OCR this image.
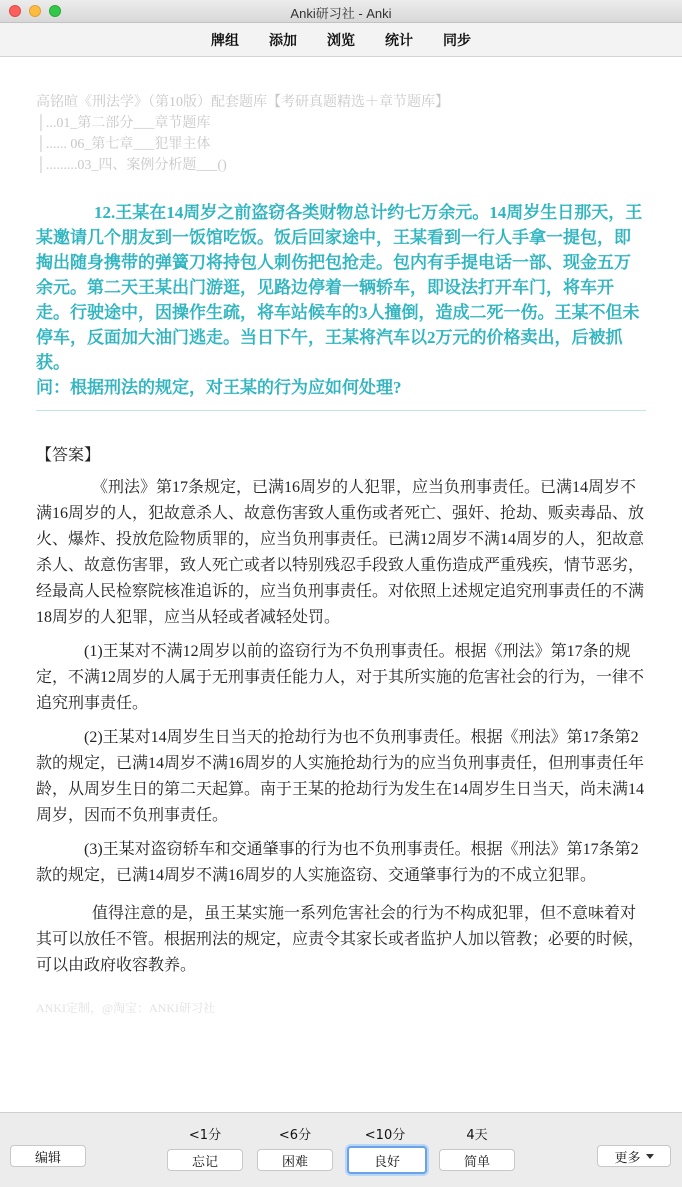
Anki研习社 - Anki
牌组 添加 浏览 统计 同步
高铭暄《刑法学》（第10版）配套题库【考研真题精选＋章节题库】
│...01_第二部分___章节题库
│...... 06_第七章___犯罪主体
│.........03_四、案例分析题___()
12.王某在14周岁之前盗窃各类财物总计约七万余元。14周岁生日那天，王某邀请几个朋友到一饭馆吃饭。饭后回家途中，王某看到一行人手拿一提包，即掏出随身携带的弹簧刀将持包人刺伤把包抢走。包内有手提电话一部、现金五万余元。第二天王某出门游逛，见路边停着一辆轿车，即设法打开车门，将车开走。行驶途中，因操作生疏，将车站候车的3人撞倒，造成二死一伤。王某不但未停车，反面加大油门逃走。当日下午，王某将汽车以2万元的价格卖出，后被抓获。
问：根据刑法的规定，对王某的行为应如何处理?
【答案】

《刑法》第17条规定，已满16周岁的人犯罪，应当负刑事责任。已满14周岁不满16周岁的人，犯故意杀人、故意伤害致人重伤或者死亡、强奸、抢劫、贩卖毒品、放火、爆炸、投放危险物质罪的，应当负刑事责任。已满12周岁不满14周岁的人，犯故意杀人、故意伤害罪，致人死亡或者以特别残忍手段致人重伤造成严重残疾，情节恶劣，经最高人民检察院核准追诉的，应当负刑事责任。对依照上述规定追究刑事责任的不满18周岁的人犯罪，应当从轻或者减轻处罚。

(1)王某对不满12周岁以前的盗窃行为不负刑事责任。根据《刑法》第17条的规定，不满12周岁的人属于无刑事责任能力人，对于其所实施的危害社会的行为，一律不追究刑事责任。

(2)王某对14周岁生日当天的抢劫行为也不负刑事责任。根据《刑法》第17条第2款的规定，已满14周岁不满16周岁的人实施抢劫行为的应当负刑事责任，但刑事责任年龄，从周岁生日的第二天起算。南于王某的抢劫行为发生在14周岁生日当天，尚未满14周岁，因而不负刑事责任。

(3)王某对盗窃轿车和交通肇事的行为也不负刑事责任。根据《刑法》第17条第2款的规定，已满14周岁不满16周岁的人实施盗窃、交通肇事行为的不成立犯罪。

值得注意的是，虽王某实施一系列危害社会的行为不构成犯罪，但不意味着对其可以放任不管。根据刑法的规定，应责令其家长或者监护人加以管教；必要的时候，可以由政府收容教养。

ANKI定制，@淘宝：ANKI研习社
编辑
<1分
忘记
<6分
困难
<10分
良好
4天
简单	更多
